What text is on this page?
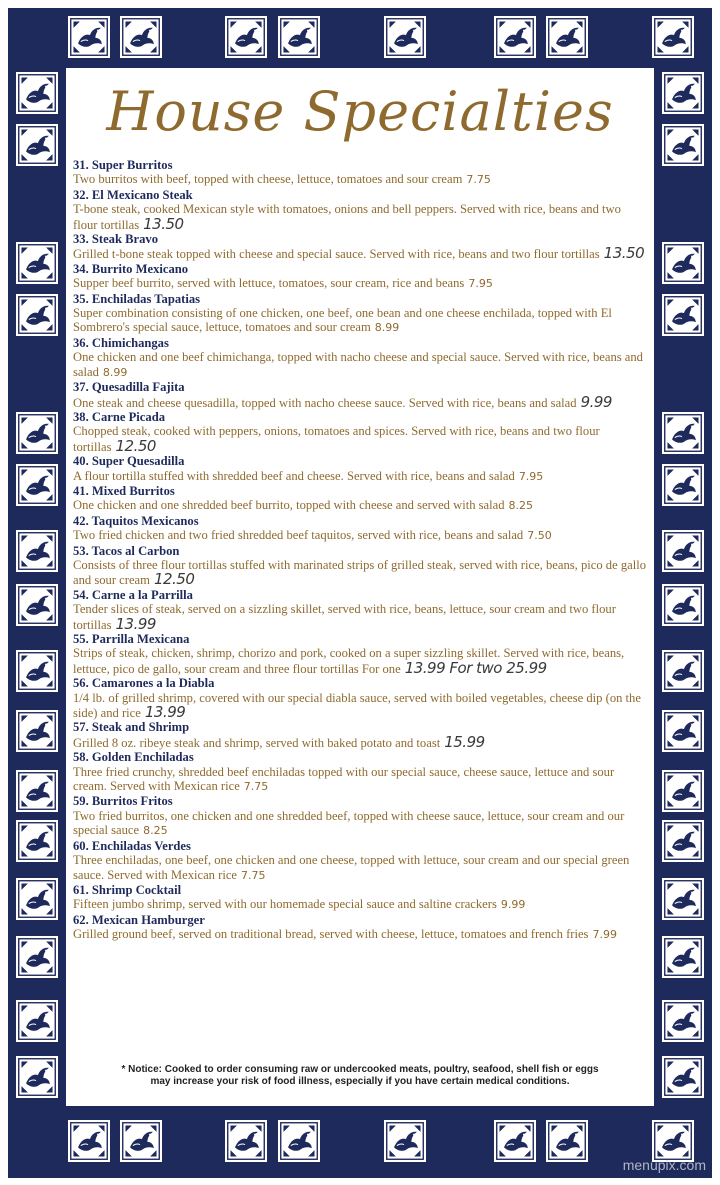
House Specialties
31. Super Burritos
Two burritos with beef, topped with cheese, lettuce, tomatoes and sour cream 7.75
32. El Mexicano Steak
T-bone steak, cooked Mexican style with tomatoes, onions and bell peppers. Served with rice, beans and two flour tortillas 13.50
33. Steak Bravo
Grilled t-bone steak topped with cheese and special sauce. Served with rice, beans and two flour tortillas 13.50
34. Burrito Mexicano
Supper beef burrito, served with lettuce, tomatoes, sour cream, rice and beans 7.95
35. Enchiladas Tapatias
Super combination consisting of one chicken, one beef, one bean and one cheese enchilada, topped with El Sombrero's special sauce, lettuce, tomatoes and sour cream 8.99
36. Chimichangas
One chicken and one beef chimichanga, topped with nacho cheese and special sauce. Served with rice, beans and salad 8.99
37. Quesadilla Fajita
One steak and cheese quesadilla, topped with nacho cheese sauce. Served with rice, beans and salad 9.99
38. Carne Picada
Chopped steak, cooked with peppers, onions, tomatoes and spices. Served with rice, beans and two flour tortillas 12.50
40. Super Quesadilla
A flour tortilla stuffed with shredded beef and cheese. Served with rice, beans and salad 7.95
41. Mixed Burritos
One chicken and one shredded beef burrito, topped with cheese and served with salad 8.25
42. Taquitos Mexicanos
Two fried chicken and two fried shredded beef taquitos, served with rice, beans and salad 7.50
53. Tacos al Carbon
Consists of three flour tortillas stuffed with marinated strips of grilled steak, served with rice, beans, pico de gallo and sour cream 12.50
54. Carne a la Parrilla
Tender slices of steak, served on a sizzling skillet, served with rice, beans, lettuce, sour cream and two flour tortillas 13.99
55. Parrilla Mexicana
Strips of steak, chicken, shrimp, chorizo and pork, cooked on a super sizzling skillet. Served with rice, beans, lettuce, pico de gallo, sour cream and three flour tortillas For one 13.99 For two 25.99
56. Camarones a la Diabla
1/4 lb. of grilled shrimp, covered with our special diabla sauce, served with boiled vegetables, cheese dip (on the side) and rice 13.99
57. Steak and Shrimp
Grilled 8 oz. ribeye steak and shrimp, served with baked potato and toast 15.99
58. Golden Enchiladas
Three fried crunchy, shredded beef enchiladas topped with our special sauce, cheese sauce, lettuce and sour cream. Served with Mexican rice 7.75
59. Burritos Fritos
Two fried burritos, one chicken and one shredded beef, topped with cheese sauce, lettuce, sour cream and our special sauce 8.25
60. Enchiladas Verdes
Three enchiladas, one beef, one chicken and one cheese, topped with lettuce, sour cream and our special green sauce. Served with Mexican rice 7.75
61. Shrimp Cocktail
Fifteen jumbo shrimp, served with our homemade special sauce and saltine crackers 9.99
62. Mexican Hamburger
Grilled ground beef, served on traditional bread, served with cheese, lettuce, tomatoes and french fries 7.99
* Notice: Cooked to order consuming raw or undercooked meats, poultry, seafood, shell fish or eggs
may increase your risk of food illness, especially if you have certain medical conditions.
menupix.com
